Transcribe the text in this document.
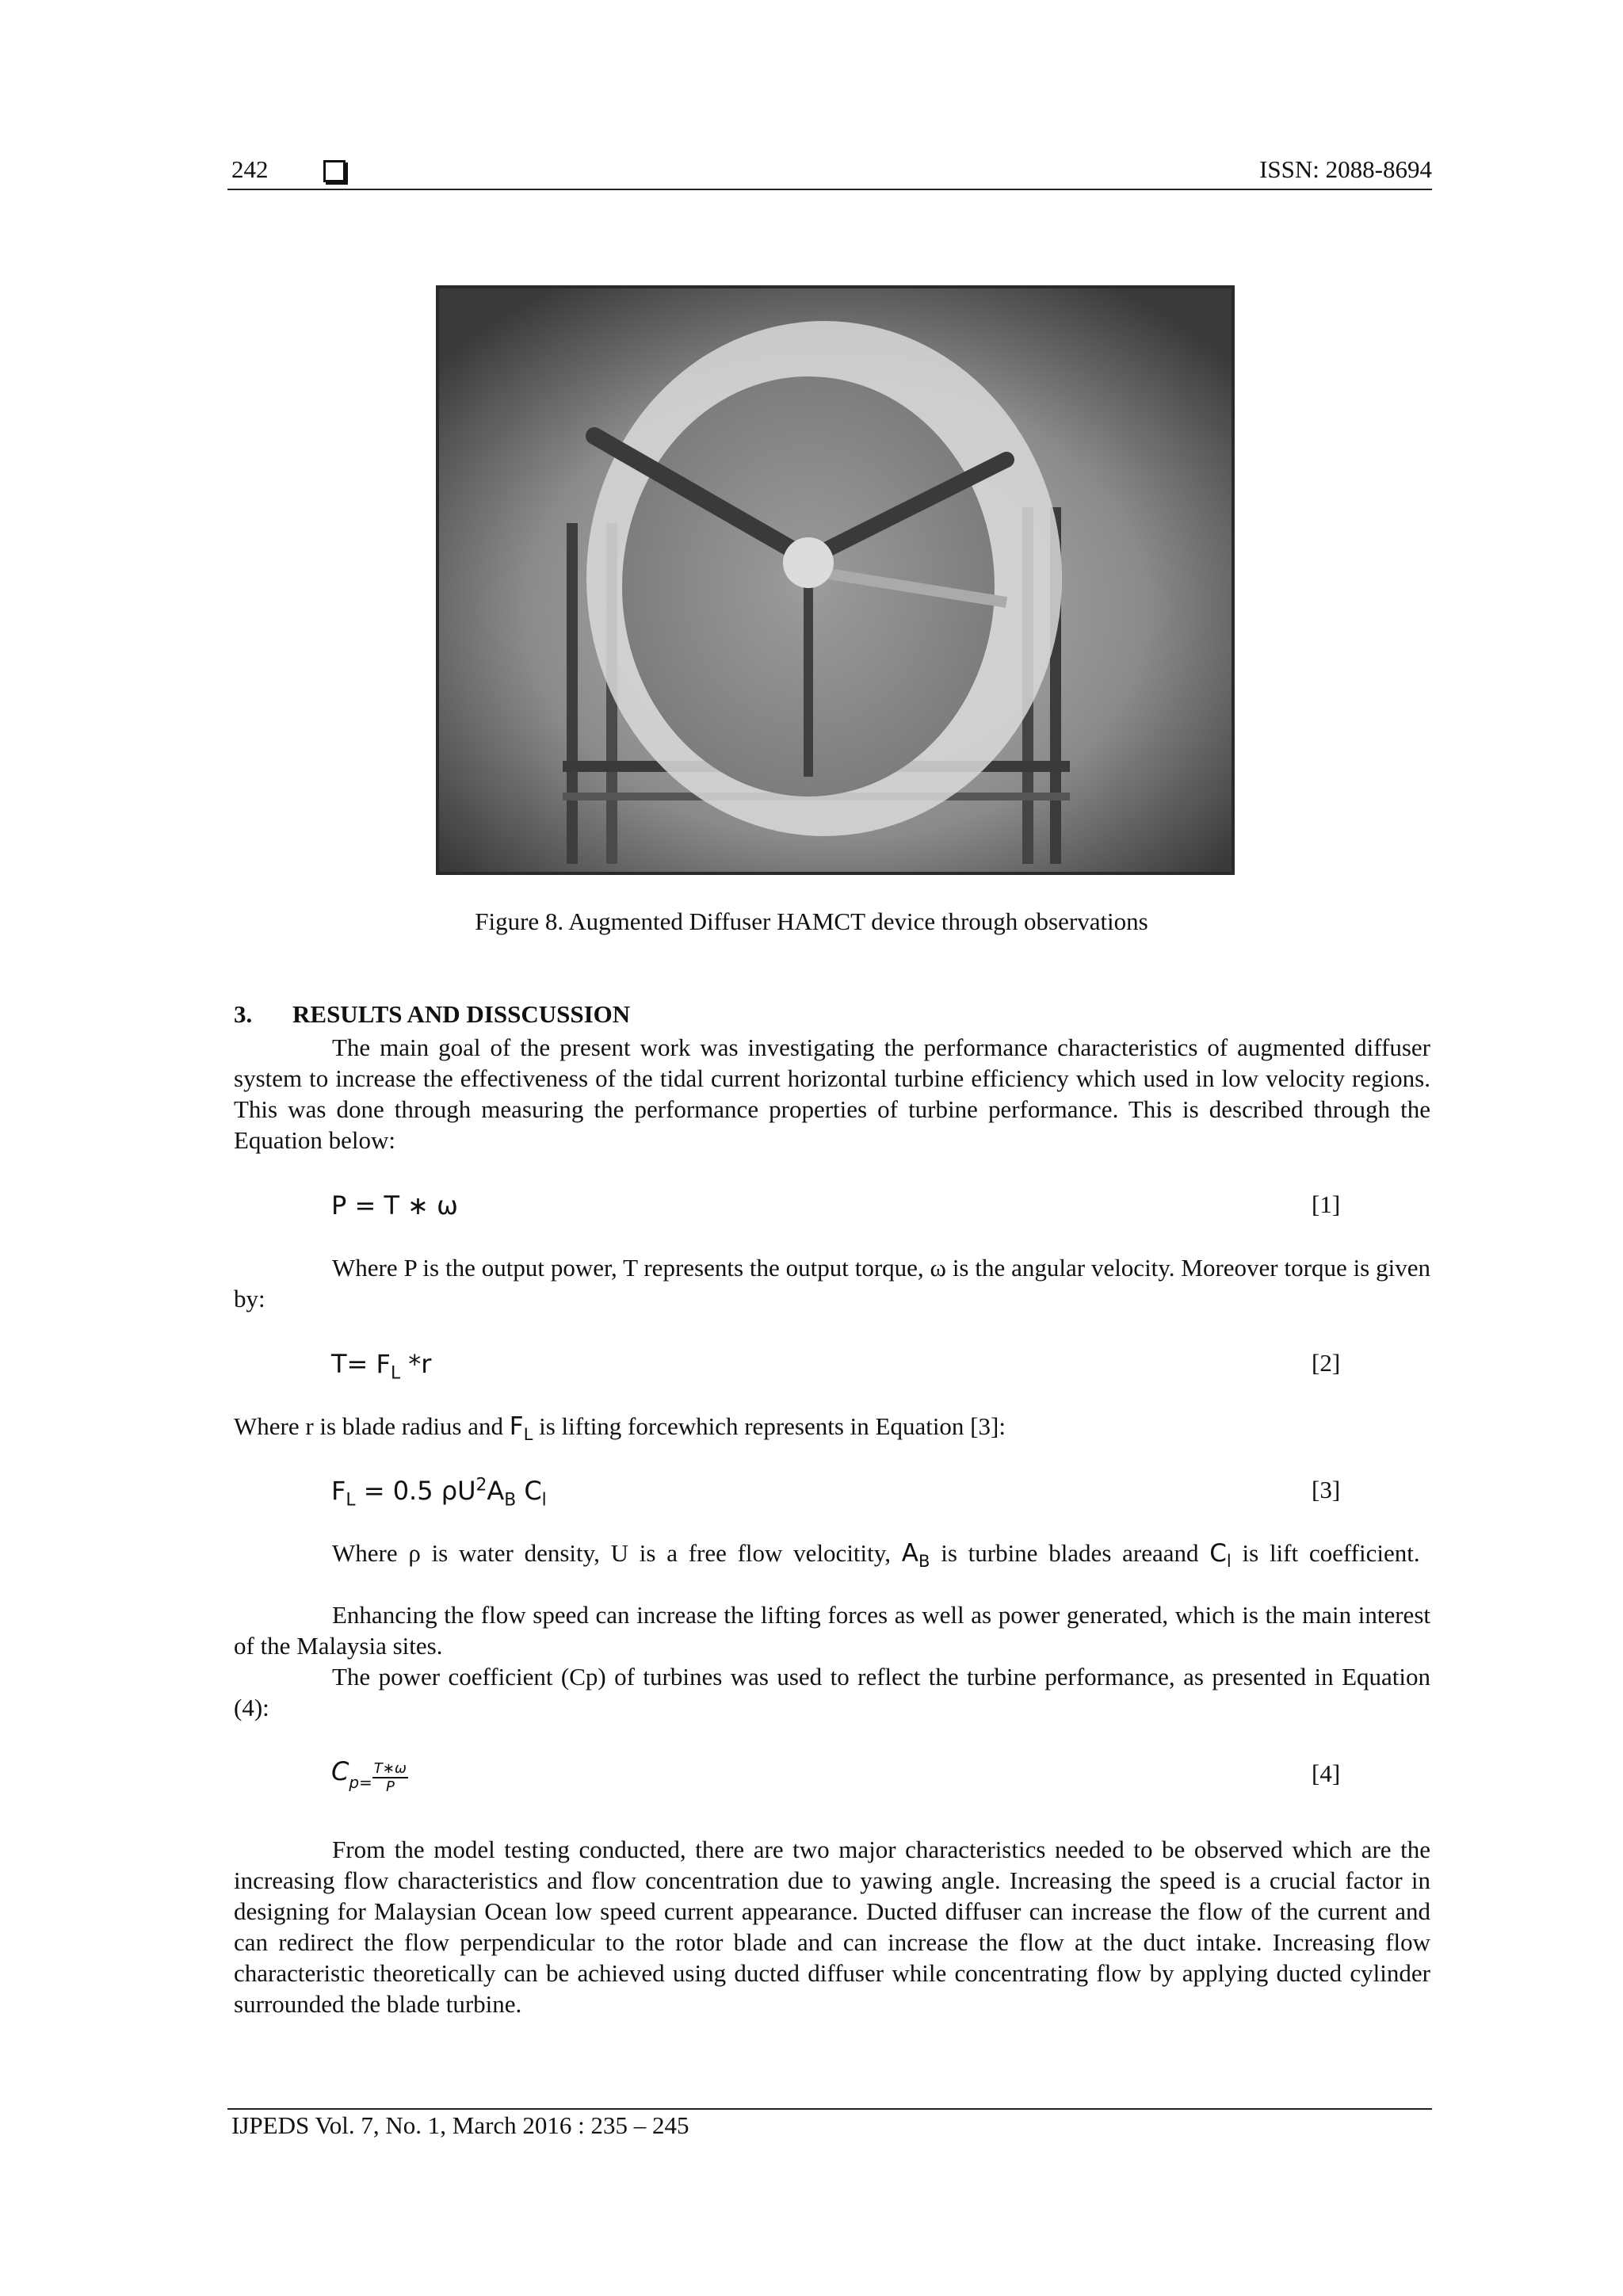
242	ISSN: 2088-8694
Figure 8. Augmented Diffuser HAMCT device through observations
3. RESULTS AND DISSCUSSION
The main goal of the present work was investigating the performance characteristics of augmented diffuser system to increase the effectiveness of the tidal current horizontal turbine efficiency which used in low velocity regions. This was done through measuring the performance properties of turbine performance. This is described through the Equation below:
P = T ∗ ω	[1]
Where P is the output power, T represents the output torque, ω is the angular velocity. Moreover torque is given by:
$T= F_L$ *r	[2]
Where r is blade radius and $F_L$ is lifting forcewhich represents in Equation [3]:
$F_L = 0.5$ $\rho U^2A_B$ $C_l$	[3]
Where ρ is water density, U is a free flow velocitity, $A_B$ is turbine blades areaand $C_l$ is lift coefficient.
Enhancing the flow speed can increase the lifting forces as well as power generated, which is the main interest of the Malaysia sites.
The power coefficient (Cp) of turbines was used to reflect the turbine performance, as presented in Equation (4):
$C_{p=} \frac{T∗\omega}{P}$	[4]
From the model testing conducted, there are two major characteristics needed to be observed which are the increasing flow characteristics and flow concentration due to yawing angle. Increasing the speed is a crucial factor in designing for Malaysian Ocean low speed current appearance. Ducted diffuser can increase the flow of the current and can redirect the flow perpendicular to the rotor blade and can increase the flow at the duct intake. Increasing flow characteristic theoretically can be achieved using ducted diffuser while concentrating flow by applying ducted cylinder surrounded the blade turbine.
IJPEDS Vol. 7, No. 1, March 2016 : 235 – 245
